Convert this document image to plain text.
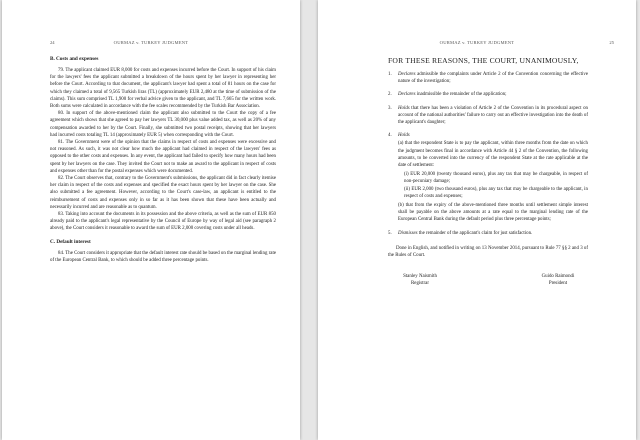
24	OURMAZ v. TURKEY JUDGMENT

B. Costs and expenses

79. The applicant claimed EUR 8,000 for costs and expenses incurred before the Court. In support of his claim for the lawyers' fees the applicant submitted a breakdown of the hours spent by her lawyer in representing her before the Court. According to that document, the applicant's lawyer had spent a total of 81 hours on the case for which they claimed a total of 9,565 Turkish liras (TL) (approximately EUR 2,480 at the time of submission of the claims). This sum comprised TL 1,900 for verbal advice given to the applicant, and TL 7,665 for the written work. Both sums were calculated in accordance with the fee scales recommended by the Turkish Bar Association.

80. In support of the above-mentioned claim the applicant also submitted to the Court the copy of a fee agreement which shows that she agreed to pay her lawyers TL 30,000 plus value added tax, as well as 20% of any compensation awarded to her by the Court. Finally, she submitted two postal receipts, showing that her lawyers had incurred costs totaling TL 14 (approximately EUR 5) when corresponding with the Court.

81. The Government were of the opinion that the claims in respect of costs and expenses were excessive and not reasoned. As such, it was not clear how much the applicant had claimed in respect of the lawyers' fees as opposed to the other costs and expenses. In any event, the applicant had failed to specify how many hours had been spent by her lawyers on the case. They invited the Court not to make an award to the applicant in respect of costs and expenses other than for the postal expenses which were documented.

82. The Court observes that, contrary to the Government's submissions, the applicant did in fact clearly itemise her claim in respect of the costs and expenses and specified the exact hours spent by her lawyer on the case. She also submitted a fee agreement. However, according to the Court's case-law, an applicant is entitled to the reimbursement of costs and expenses only in so far as it has been shown that these have been actually and necessarily incurred and are reasonable as to quantum.

83. Taking into account the documents in its possession and the above criteria, as well as the sum of EUR 850 already paid to the applicant's legal representative by the Council of Europe by way of legal aid (see paragraph 2 above), the Court considers it reasonable to award the sum of EUR 2,000 covering costs under all heads.

C. Default interest

84. The Court considers it appropriate that the default interest rate should be based on the marginal lending rate of the European Central Bank, to which should be added three percentage points.

OURMAZ v. TURKEY JUDGMENT	25

FOR THESE REASONS, THE COURT, UNANIMOUSLY,

1. Declares admissible the complaints under Article 2 of the Convention concerning the effective nature of the investigation;

2. Declares inadmissible the remainder of the application;

3. Holds that there has been a violation of Article 2 of the Convention in its procedural aspect on account of the national authorities' failure to carry out an effective investigation into the death of the applicant's daughter;

4. Holds

(a) that the respondent State is to pay the applicant, within three months from the date on which the judgment becomes final in accordance with Article 44 § 2 of the Convention, the following amounts, to be converted into the currency of the respondent State at the rate applicable at the date of settlement:

(i) EUR 20,000 (twenty thousand euros), plus any tax that may be chargeable, in respect of non-pecuniary damage;

(ii) EUR 2,000 (two thousand euros), plus any tax that may be chargeable to the applicant, in respect of costs and expenses;

(b) that from the expiry of the above-mentioned three months until settlement simple interest shall be payable on the above amounts at a rate equal to the marginal lending rate of the European Central Bank during the default period plus three percentage points;

5. Dismisses the remainder of the applicant's claim for just satisfaction.

Done in English, and notified in writing on 13 November 2014, pursuant to Rule 77 §§ 2 and 3 of the Rules of Court.

Stanley Naismith
Registrar
Guido Raimondi
President
